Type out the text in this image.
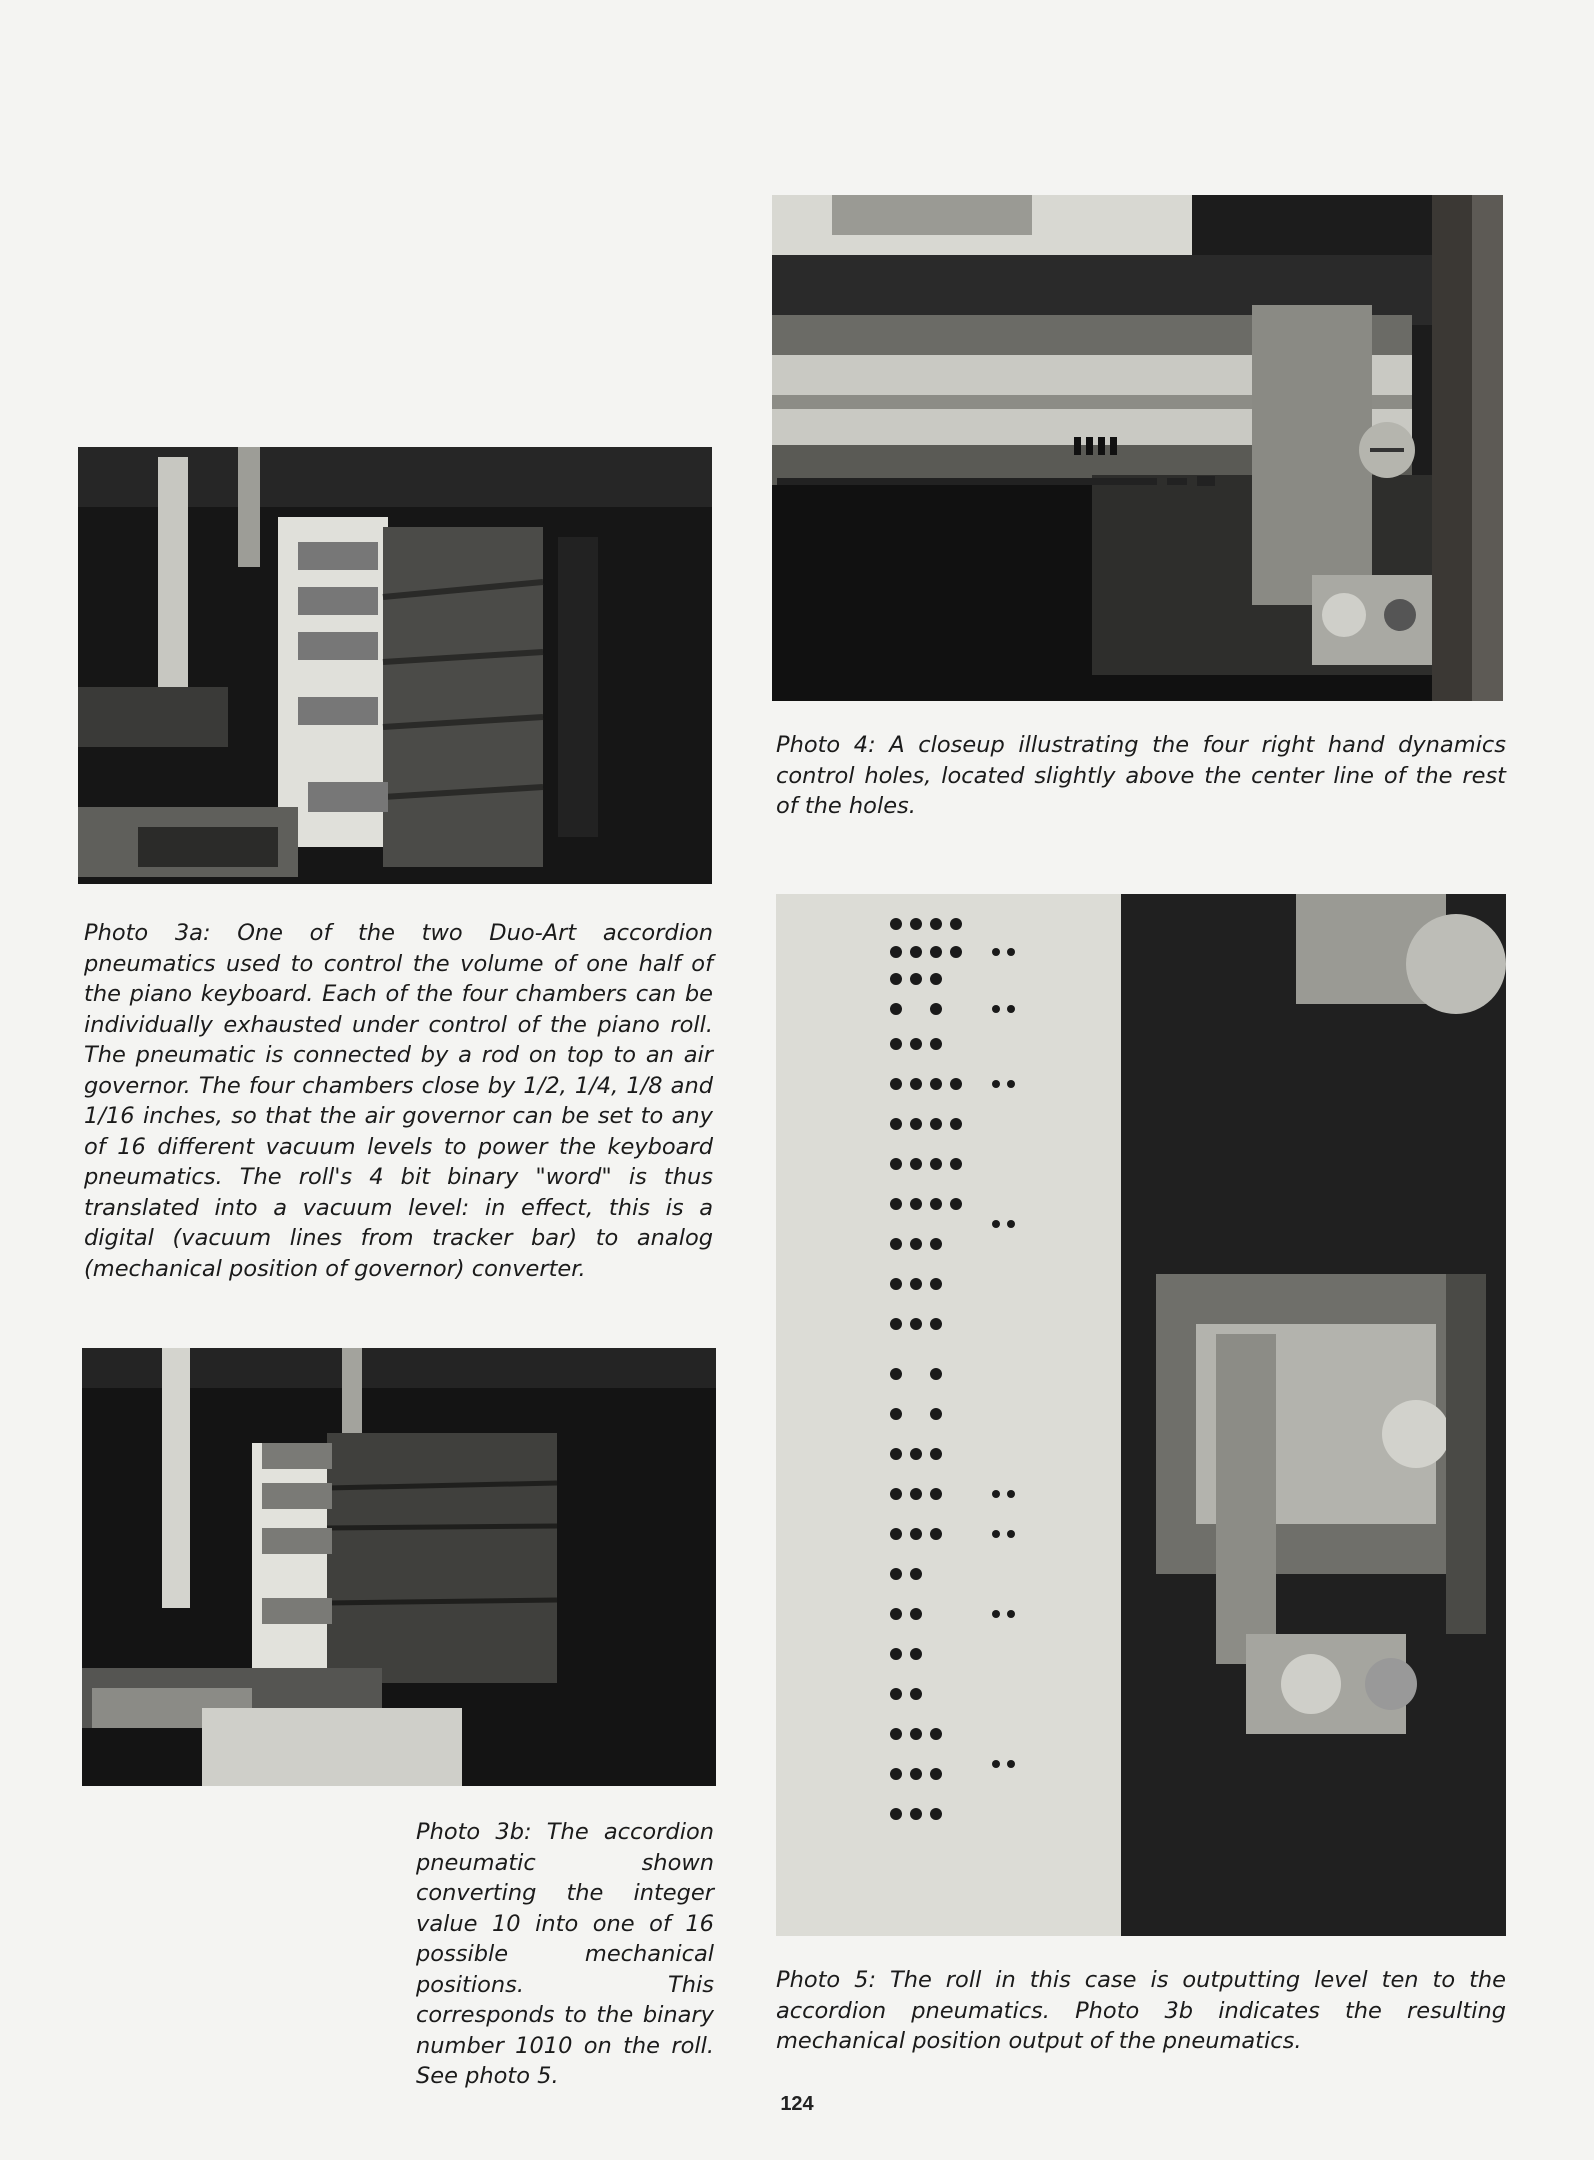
Photo 4: A closeup illustrating the four right hand dynamics control holes, located slightly above the center line of the rest of the holes.
Photo 3a: One of the two Duo-Art accordion pneumatics used to control the volume of one half of the piano keyboard. Each of the four chambers can be individually exhausted under control of the piano roll. The pneumatic is connected by a rod on top to an air governor. The four chambers close by 1/2, 1/4, 1/8 and 1/16 inches, so that the air governor can be set to any of 16 different vacuum levels to power the keyboard pneumatics. The roll's 4 bit binary "word" is thus translated into a vacuum level: in effect, this is a digital (vacuum lines from tracker bar) to analog (mechanical position of governor) converter.
Photo 3b: The accordion pneumatic shown converting the integer value 10 into one of 16 possible mechanical positions. This corresponds to the binary number 1010 on the roll. See photo 5.
Photo 5: The roll in this case is outputting level ten to the accordion pneumatics. Photo 3b indicates the resulting mechanical position output of the pneumatics.
124
